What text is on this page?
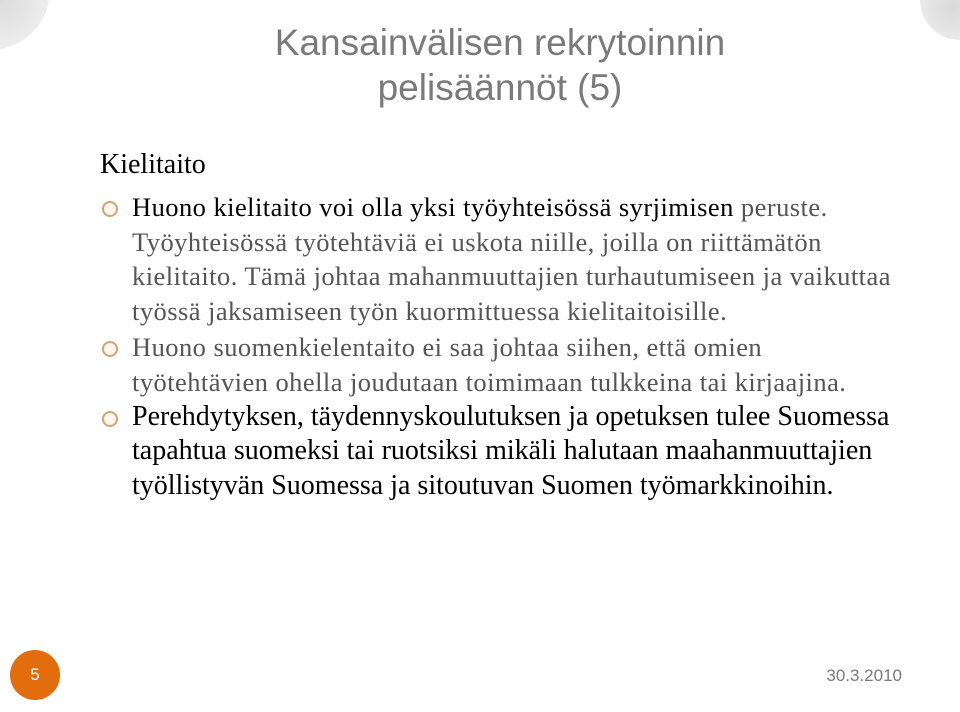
Kansainvälisen rekrytoinnin
pelisäännöt (5)
Kielitaito
Huono kielitaito voi olla yksi työyhteisössä syrjimisen peruste. Työyhteisössä työtehtäviä ei uskota niille, joilla on riittämätön kielitaito. Tämä johtaa mahanmuuttajien turhautumiseen ja vaikuttaa työssä jaksamiseen työn kuormittuessa kielitaitoisille.
Huono suomenkielentaito ei saa johtaa siihen, että omien työtehtävien ohella joudutaan toimimaan tulkkeina tai kirjaajina.
Perehdytyksen, täydennyskoulutuksen ja opetuksen tulee Suomessa tapahtua suomeksi tai ruotsiksi mikäli halutaan maahanmuuttajien työllistyvän Suomessa ja sitoutuvan Suomen työmarkkinoihin.
5	30.3.2010
